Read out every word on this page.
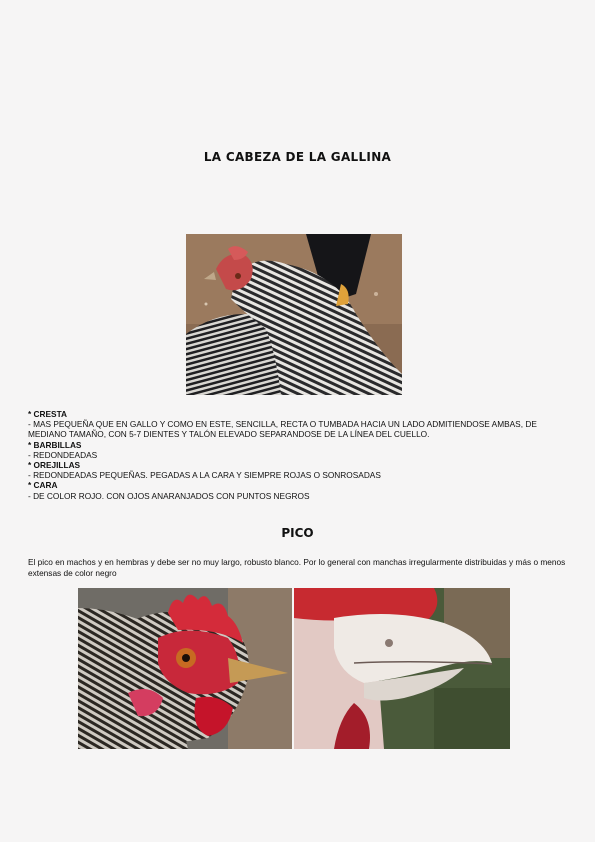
LA CABEZA DE LA GALLINA
* CRESTA
- MAS PEQUEÑA QUE EN GALLO Y COMO EN ESTE, SENCILLA, RECTA O TUMBADA HACIA UN LADO ADMITIENDOSE AMBAS, DE MEDIANO TAMAÑO, CON 5-7 DIENTES Y TALÓN ELEVADO SEPARANDOSE DE LA LÍNEA DEL CUELLO.
* BARBILLAS
- REDONDEADAS
* OREJILLAS
- REDONDEADAS PEQUEÑAS. PEGADAS A LA CARA Y SIEMPRE ROJAS O SONROSADAS
* CARA
- DE COLOR ROJO. CON OJOS ANARANJADOS CON PUNTOS NEGROS
PICO
El pico en machos y en hembras y debe ser no muy largo, robusto blanco. Por lo general con manchas irregularmente distribuidas y más o menos extensas de color negro
